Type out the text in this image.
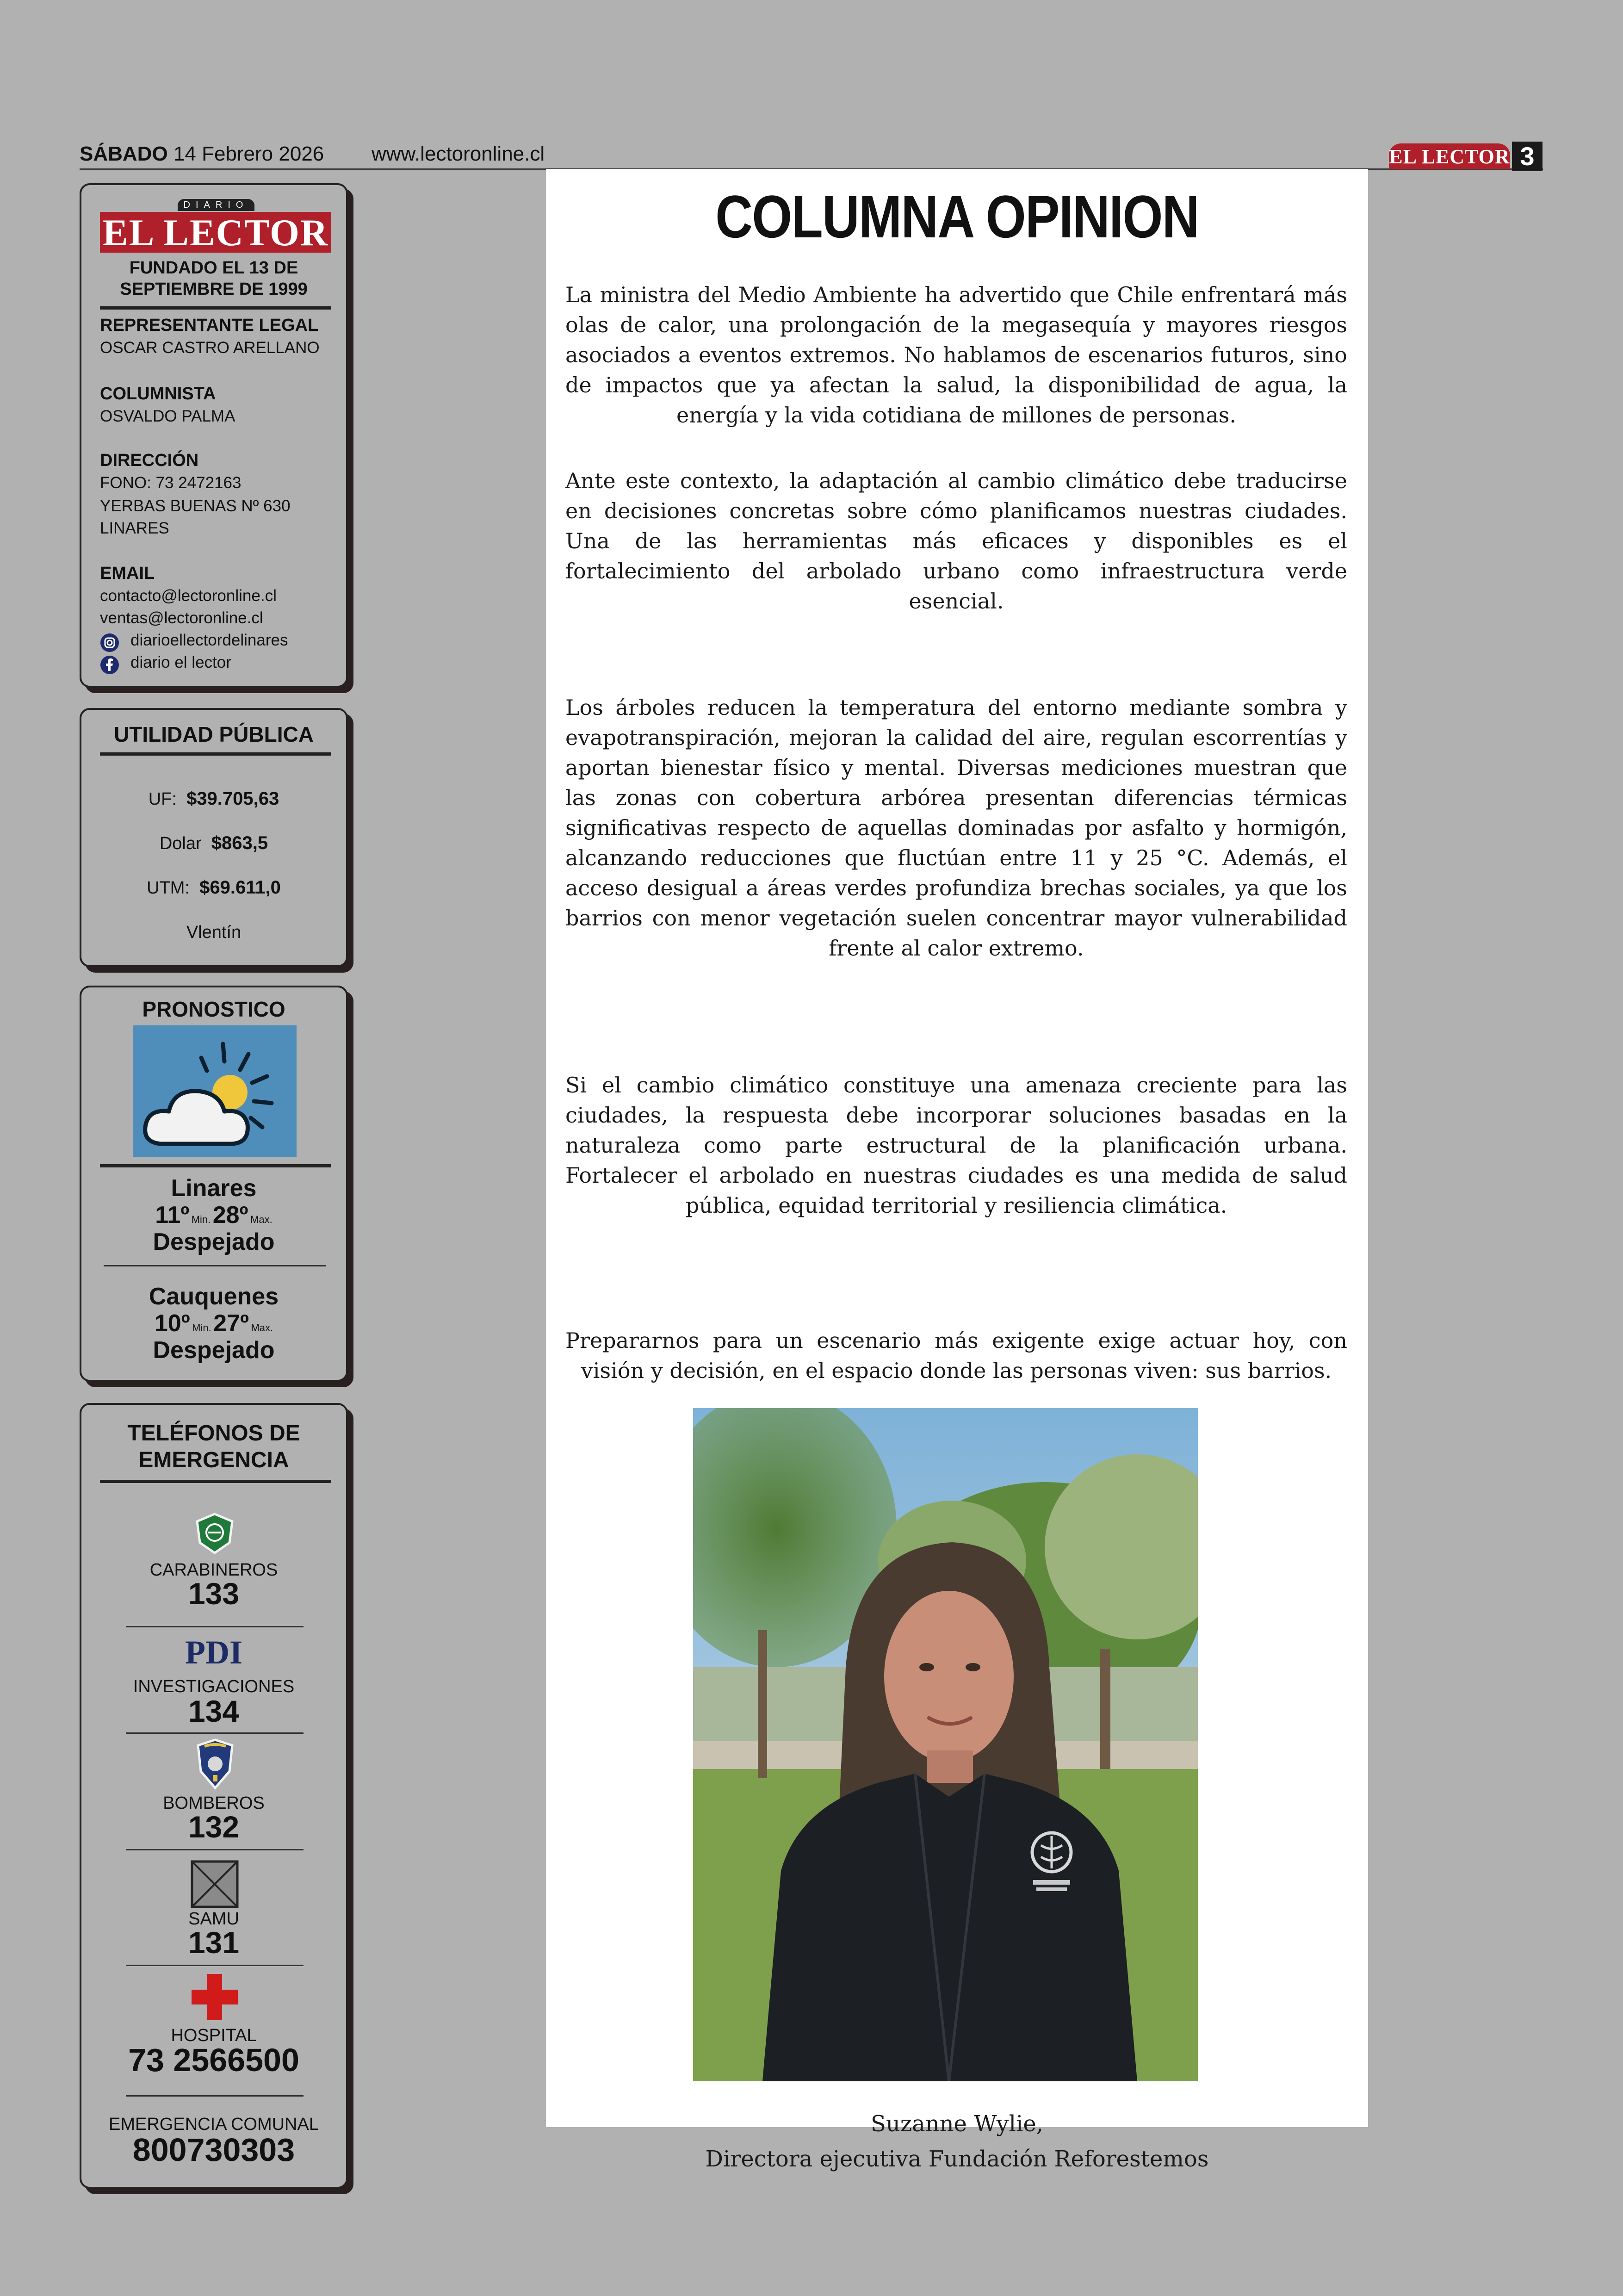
SÁBADO 14 Febrero 2026 www.lectoronline.cl	EL LECTOR 3
DIARIO
EL LECTOR
FUNDADO EL 13 DE
SEPTIEMBRE DE 1999
REPRESENTANTE LEGAL
OSCAR CASTRO ARELLANO
COLUMNISTA
OSVALDO PALMA
DIRECCIÓN
FONO: 73 2472163
YERBAS BUENAS Nº 630
LINARES
EMAIL
contacto@lectoronline.cl
ventas@lectoronline.cl
diarioellectordelinares
diario el lector
UTILIDAD PÚBLICA
UF: $39.705,63
Dolar $863,5
UTM: $69.611,0
Vlentín
PRONOSTICO
Linares
11º Min. 28º Max.
Despejado
Cauquenes
10º Min. 27º Max.
Despejado
TELÉFONOS DE
EMERGENCIA
CARABINEROS
133
PDI
INVESTIGACIONES
134
BOMBEROS
132
SAMU
131
HOSPITAL
73 2566500
EMERGENCIA COMUNAL
800730303
COLUMNA OPINION
La ministra del Medio Ambiente ha advertido que Chile enfrentará más olas de calor, una prolongación de la megasequía y mayores riesgos asociados a eventos extremos. No hablamos de escenarios futuros, sino de impactos que ya afectan la salud, la disponibilidad de agua, la energía y la vida cotidiana de millones de personas.
Ante este contexto, la adaptación al cambio climático debe traducirse en decisiones concretas sobre cómo planificamos nuestras ciudades. Una de las herramientas más eficaces y disponibles es el fortalecimiento del arbolado urbano como infraestructura verde esencial.
Los árboles reducen la temperatura del entorno mediante sombra y evapotranspiración, mejoran la calidad del aire, regulan escorrentías y aportan bienestar físico y mental. Diversas mediciones muestran que las zonas con cobertura arbórea presentan diferencias térmicas significativas respecto de aquellas dominadas por asfalto y hormigón, alcanzando reducciones que fluctúan entre 11 y 25 °C. Además, el acceso desigual a áreas verdes profundiza brechas sociales, ya que los barrios con menor vegetación suelen concentrar mayor vulnerabilidad frente al calor extremo.
Si el cambio climático constituye una amenaza creciente para las ciudades, la respuesta debe incorporar soluciones basadas en la naturaleza como parte estructural de la planificación urbana. Fortalecer el arbolado en nuestras ciudades es una medida de salud pública, equidad territorial y resiliencia climática.
Prepararnos para un escenario más exigente exige actuar hoy, con visión y decisión, en el espacio donde las personas viven: sus barrios.
Suzanne Wylie,
Directora ejecutiva Fundación Reforestemos
